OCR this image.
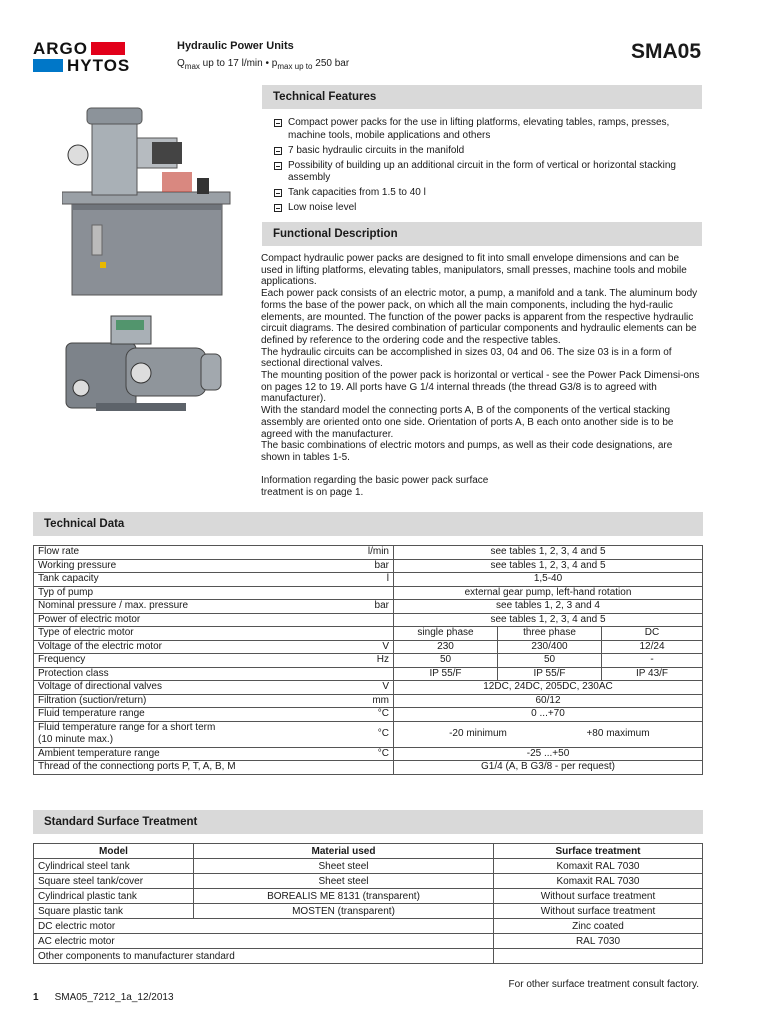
ARGO
HYTOS
Hydraulic Power Units
$Q_{max}$ up to 17 l/min • $p_{max up to}$ 250 bar
SMA05
Technical Features
Compact power packs for the use in lifting platforms, elevating tables, ramps, presses, machine tools, mobile applications and others
7 basic hydraulic circuits in the manifold
Possibility of building up an additional circuit in the form of vertical or horizontal stacking assembly
Tank capacities from 1.5 to 40 l
Low noise level
Functional Description

Compact hydraulic power packs are designed to fit into small envelope dimensions and can be used in lifting platforms, elevating tables, manipulators, small presses, machine tools and mobile applications.

Each power pack consists of an electric motor, a pump, a manifold and a tank. The aluminum body forms the base of the power pack, on which all the main components, including the hyd-raulic elements, are mounted. The function of the power packs is apparent from the respective hydraulic circuit diagrams. The desired combination of particular components and hydraulic elements can be defined by reference to the ordering code and the respective tables.

The hydraulic circuits can be accomplished in sizes 03, 04 and 06. The size 03 is in a form of sectional directional valves.

The mounting position of the power pack is horizontal or vertical - see the Power Pack Dimensi-ons on pages 12 to 19. All ports have G 1/4 internal threads (the thread G3/8 is to agreed with manufacturer).

With the standard model the connecting ports A, B of the components of the vertical stacking assembly are oriented onto one side. Orientation of ports A, B each onto another side is to be agreed with the manufacturer.

The basic combinations of electric motors and pumps, as well as their code designations, are shown in tables 1-5.

Information regarding the basic power pack surface treatment is on page 1.

Technical Data
Flow rate	l/min	see tables 1, 2, 3, 4 and 5		
Working pressure	bar	see tables 1, 2, 3, 4 and 5		
Tank capacity	l	1,5-40		
Typ of pump		external gear pump, left-hand rotation		
Nominal pressure / max. pressure	bar	see tables 1, 2, 3 and 4		
Power of electric motor		see tables 1, 2, 3, 4 and 5		
Type of electric motor		single phase	three phase	DC
Voltage of the electric motor	V	230	230/400	12/24
Frequency	Hz	50	50	-
Protection class		IP 55/F	IP 55/F	IP 43/F
Voltage of directional valves	V	12DC, 24DC, 205DC, 230AC		
Filtration (suction/return)	mm	60/12		
Fluid temperature range	°C	0 ...+70		
Fluid temperature range for a short term
(10 minute max.)	°C	-20 minimum +80 maximum		
Ambient temperature range	°C	-25 ...+50		
Thread of the connectiong ports P, T, A, B, M		G1/4 (A, B G3/8 - per request)		
Standard Surface Treatment
Model	Material used	Surface treatment
Cylindrical steel tank	Sheet steel	Komaxit RAL 7030
Square steel tank/cover	Sheet steel	Komaxit RAL 7030
Cylindrical plastic tank	BOREALIS ME 8131 (transparent)	Without surface treatment
Square plastic tank	MOSTEN (transparent)	Without surface treatment
DC electric motor		Zinc coated
AC electric motor		RAL 7030
Other components to manufacturer standard		
For other surface treatment consult factory.
1 SMA05_7212_1a_12/2013
